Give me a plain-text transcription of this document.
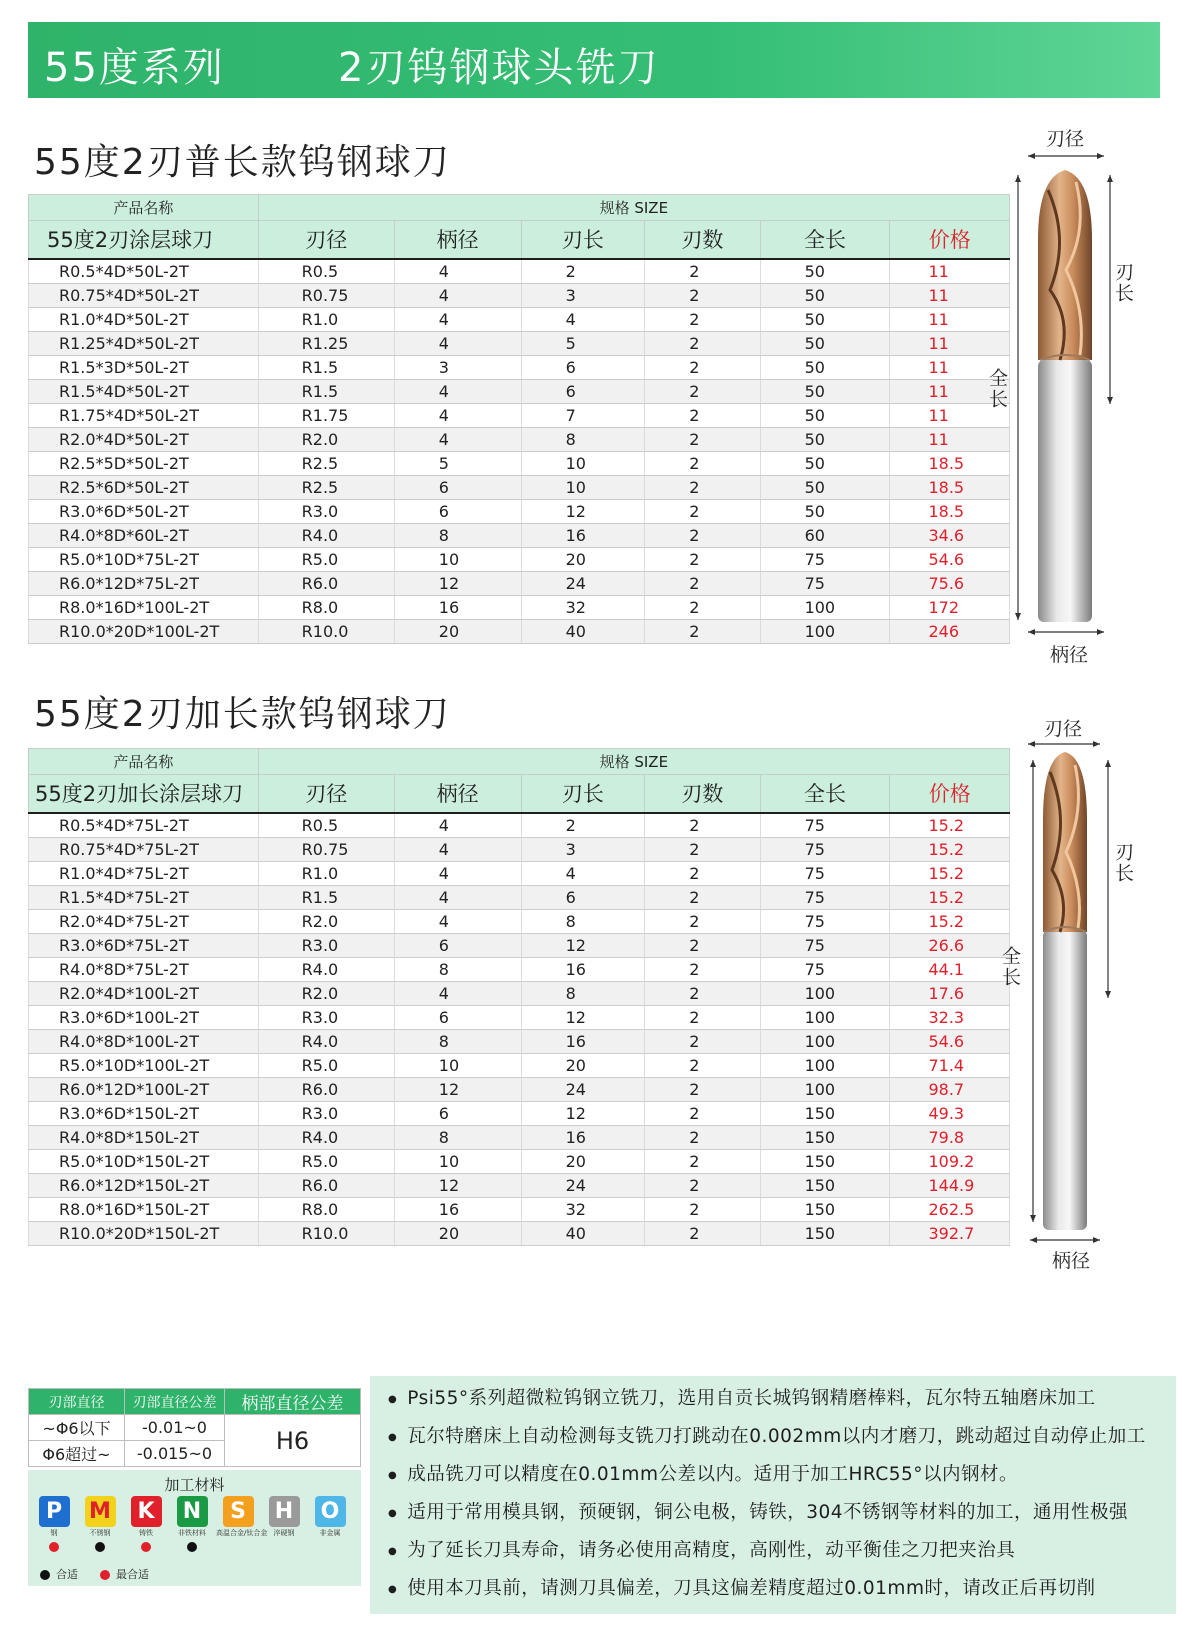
55度系列	2刃钨钢球头铣刀
55度2刃普长款钨钢球刀
产品名称	规格 SIZE					
55度2刃涂层球刀	刃径	柄径	刃长	刃数	全长	价格
R0.5*4D*50L-2T	R0.5	4	2	2	50	11
R0.75*4D*50L-2T	R0.75	4	3	2	50	11
R1.0*4D*50L-2T	R1.0	4	4	2	50	11
R1.25*4D*50L-2T	R1.25	4	5	2	50	11
R1.5*3D*50L-2T	R1.5	3	6	2	50	11
R1.5*4D*50L-2T	R1.5	4	6	2	50	11
R1.75*4D*50L-2T	R1.75	4	7	2	50	11
R2.0*4D*50L-2T	R2.0	4	8	2	50	11
R2.5*5D*50L-2T	R2.5	5	10	2	50	18.5
R2.5*6D*50L-2T	R2.5	6	10	2	50	18.5
R3.0*6D*50L-2T	R3.0	6	12	2	50	18.5
R4.0*8D*60L-2T	R4.0	8	16	2	60	34.6
R5.0*10D*75L-2T	R5.0	10	20	2	75	54.6
R6.0*12D*75L-2T	R6.0	12	24	2	75	75.6
R8.0*16D*100L-2T	R8.0	16	32	2	100	172
R10.0*20D*100L-2T	R10.0	20	40	2	100	246
刃径
刃长
全长
柄径
55度2刃加长款钨钢球刀
产品名称	规格 SIZE					
55度2刃加长涂层球刀	刃径	柄径	刃长	刃数	全长	价格
R0.5*4D*75L-2T	R0.5	4	2	2	75	15.2
R0.75*4D*75L-2T	R0.75	4	3	2	75	15.2
R1.0*4D*75L-2T	R1.0	4	4	2	75	15.2
R1.5*4D*75L-2T	R1.5	4	6	2	75	15.2
R2.0*4D*75L-2T	R2.0	4	8	2	75	15.2
R3.0*6D*75L-2T	R3.0	6	12	2	75	26.6
R4.0*8D*75L-2T	R4.0	8	16	2	75	44.1
R2.0*4D*100L-2T	R2.0	4	8	2	100	17.6
R3.0*6D*100L-2T	R3.0	6	12	2	100	32.3
R4.0*8D*100L-2T	R4.0	8	16	2	100	54.6
R5.0*10D*100L-2T	R5.0	10	20	2	100	71.4
R6.0*12D*100L-2T	R6.0	12	24	2	100	98.7
R3.0*6D*150L-2T	R3.0	6	12	2	150	49.3
R4.0*8D*150L-2T	R4.0	8	16	2	150	79.8
R5.0*10D*150L-2T	R5.0	10	20	2	150	109.2
R6.0*12D*150L-2T	R6.0	12	24	2	150	144.9
R8.0*16D*150L-2T	R8.0	16	32	2	150	262.5
R10.0*20D*150L-2T	R10.0	20	40	2	150	392.7
刃径
刃长
全长
柄径
刃部直径	刃部直径公差	柄部直径公差
~Φ6以下	-0.01~0	H6
Φ6超过~	-0.015~0	
加工材料
P
钢
M
不锈钢
K
铸铁
N
非铁材料
S
高温合金/钛合金
H
淬硬钢
O
非金属
合适	最合适
● Psi55°系列超微粒钨钢立铣刀，选用自贡长城钨钢精磨棒料，瓦尔特五轴磨床加工
● 瓦尔特磨床上自动检测每支铣刀打跳动在0.002mm以内才磨刀，跳动超过自动停止加工
● 成品铣刀可以精度在0.01mm公差以内。适用于加工HRC55°以内钢材。
● 适用于常用模具钢，预硬钢，铜公电极，铸铁，304不锈钢等材料的加工，通用性极强
● 为了延长刀具寿命，请务必使用高精度，高刚性，动平衡佳之刀把夹治具
● 使用本刀具前，请测刀具偏差，刀具这偏差精度超过0.01mm时，请改正后再切削
